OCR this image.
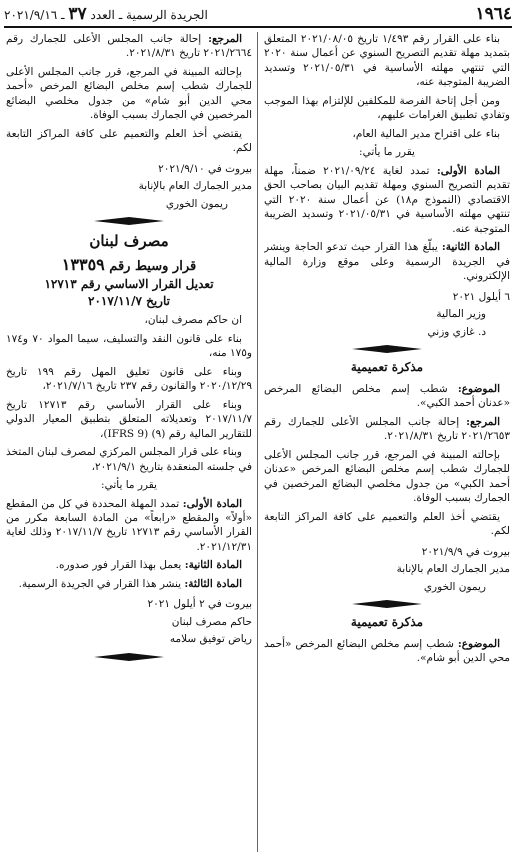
١٩٦٤
الجريدة الرسمية ـ العدد ٣٧ ـ ٢٠٢١/٩/١٦

بناء على القرار رقم ١/٤٩٣ تاريخ ٢٠٢١/٠٨/٠٥ المتعلق بتمديد مهلة تقديم التصريح السنوي عن أعمال سنة ٢٠٢٠ التي تنتهي مهلته الأساسية في ٢٠٢١/٠٥/٣١ وتسديد الضريبة المتوجبة عنه،

ومن أجل إتاحة الفرصة للمكلفين للإلتزام بهذا الموجب وتفادي تطبيق الغرامات عليهم،

بناء على اقتراح مدير المالية العام،

يقرر ما يأتي:

المادة الأولى: تمدد لغاية ٢٠٢١/٠٩/٢٤ ضمناً، مهلة تقديم التصريح السنوي ومهلة تقديم البيان بصاحب الحق الاقتصادي (النموذج م١٨) عن أعمال سنة ٢٠٢٠ التي تنتهي مهلته الأساسية في ٢٠٢١/٠٥/٣١ وتسديد الضريبة المتوجبة عنه.

المادة الثانية: يبلّغ هذا القرار حيث تدعو الحاجة وينشر في الجريدة الرسمية وعلى موقع وزارة المالية الإلكتروني.

٦ أيلول ٢٠٢١
وزير المالية
د. غازي وزني
مذكرة تعميمية

الموضوع: شطب إسم مخلص البضائع المرخص «عدنان أحمد الكبي».

المرجع: إحالة جانب المجلس الأعلى للجمارك رقم ٢٠٢١/٢٦٥٣ تاريخ ٢٠٢١/٨/٣١.

بإحالته المبينة في المرجع، قرر جانب المجلس الأعلى للجمارك شطب إسم مخلص البضائع المرخص «عدنان أحمد الكبي» من جدول مخلصي البضائع المرخصين في الجمارك بسبب الوفاة.

يقتضي أخذ العلم والتعميم على كافة المراكز التابعة لكم.

بيروت في ٢٠٢١/٩/٩
مدير الجمارك العام بالإنابة
ريمون الخوري
مذكرة تعميمية

الموضوع: شطب إسم مخلص البضائع المرخص «أحمد محي الدين أبو شام».

المرجع: إحالة جانب المجلس الأعلى للجمارك رقم ٢٠٢١/٢٦٦٤ تاريخ ٢٠٢١/٨/٣١.

بإحالته المبينة في المرجع، قرر جانب المجلس الأعلى للجمارك شطب إسم مخلص البضائع المرخص «أحمد محي الدين أبو شام» من جدول مخلصي البضائع المرخصين في الجمارك بسبب الوفاة.

يقتضي أخذ العلم والتعميم على كافة المراكز التابعة لكم.

بيروت في ٢٠٢١/٩/١٠
مدير الجمارك العام بالإنابة
ريمون الخوري
مصرف لبنان
قرار وسيط رقم ١٣٣٥٩
تعديل القرار الاساسي رقم ١٢٧١٣
تاريخ ٢٠١٧/١١/٧

ان حاكم مصرف لبنان،

بناء على قانون النقد والتسليف، سيما المواد ٧٠ و١٧٤ و١٧٥ منه،

وبناء على قانون تعليق المهل رقم ١٩٩ تاريخ ٢٠٢٠/١٢/٢٩ والقانون رقم ٢٣٧ تاريخ ٢٠٢١/٧/١٦،

وبناء على القرار الأساسي رقم ١٢٧١٣ تاريخ ٢٠١٧/١١/٧ وتعديلاته المتعلق بتطبيق المعيار الدولي للتقارير المالية رقم (٩) (IFRS 9)،

وبناء على قرار المجلس المركزي لمصرف لبنان المتخذ في جلسته المنعقدة بتاريخ ٢٠٢١/٩/١،

يقرر ما يأتي:

المادة الأولى: تمدد المهلة المحددة في كل من المقطع «أولاً» والمقطع «رابعاً» من المادة السابعة مكرر من القرار الأساسي رقم ١٢٧١٣ تاريخ ٢٠١٧/١١/٧ وذلك لغاية ٢٠٢١/١٢/٣١.

المادة الثانية: يعمل بهذا القرار فور صدوره.

المادة الثالثة: ينشر هذا القرار في الجريدة الرسمية.

بيروت في ٢ أيلول ٢٠٢١
حاكم مصرف لبنان
رياض توفيق سلامه
